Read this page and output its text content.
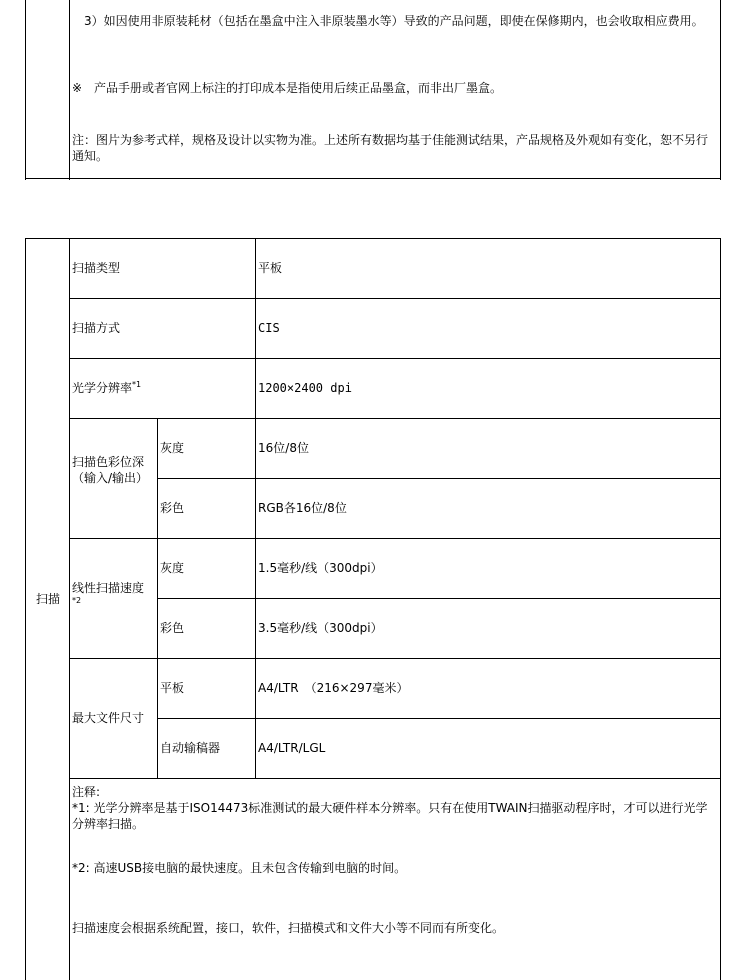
　3）如因使用非原装耗材（包括在墨盒中注入非原装墨水等）导致的产品问题，即使在保修期内，也会收取相应费用。
※　产品手册或者官网上标注的打印成本是指使用后续正品墨盒，而非出厂墨盒。
注：图片为参考式样，规格及设计以实物为准。上述所有数据均基于佳能测试结果，产品规格及外观如有变化，恕不另行通知。
扫描
扫描类型	平板
扫描方式	CIS
光学分辨率$^{*1}$	1200×2400 dpi
扫描色彩位深（输入/输出）
灰度	16位/8位
彩色	RGB各16位/8位
线性扫描速度
*2
灰度	1.5毫秒/线（300dpi）
彩色	3.5毫秒/线（300dpi）
最大文件尺寸
平板	A4/LTR　（216×297毫米）
自动输稿器	A4/LTR/LGL
注释:
*1: 光学分辨率是基于ISO14473标准测试的最大硬件样本分辨率。只有在使用TWAIN扫描驱动程序时，才可以进行光学分辨率扫描。
*2: 高速USB接电脑的最快速度。且未包含传输到电脑的时间。
扫描速度会根据系统配置，接口，软件，扫描模式和文件大小等不同而有所变化。
